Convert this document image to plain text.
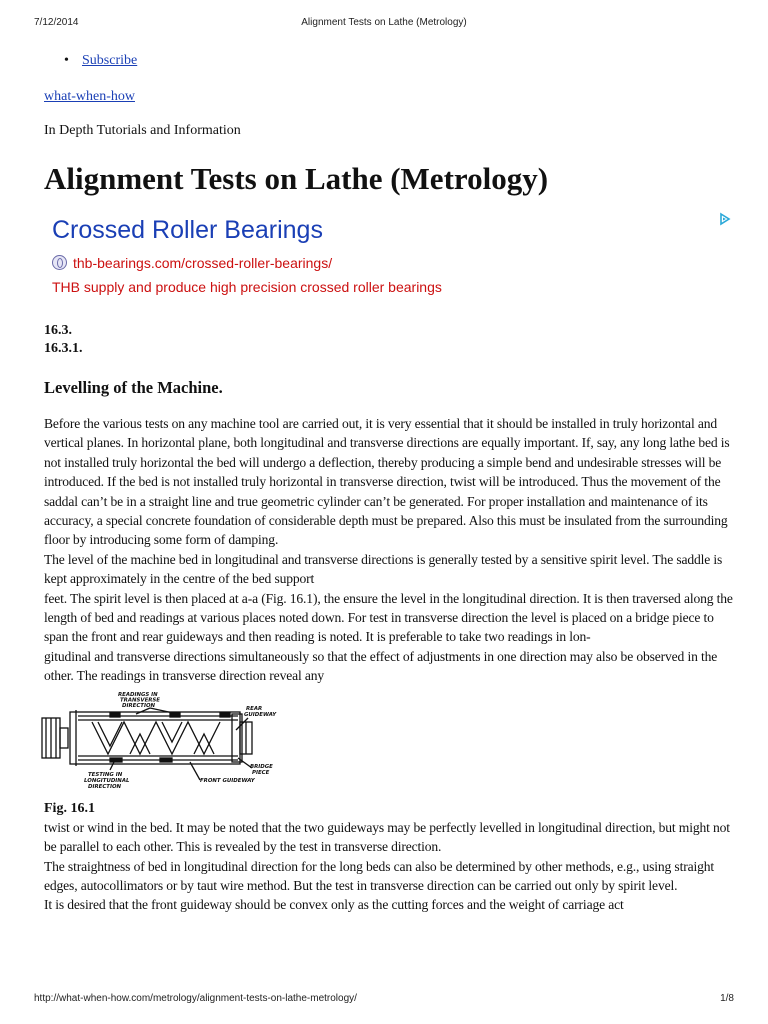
7/12/2014	Alignment Tests on Lathe (Metrology)
• Subscribe
what-when-how
In Depth Tutorials and Information
Alignment Tests on Lathe (Metrology)
Crossed Roller Bearings
thb-bearings.com/crossed-roller-bearings/
THB supply and produce high precision crossed roller bearings
16.3.
16.3.1.
Levelling of the Machine.

Before the various tests on any machine tool are carried out, it is very essential that it should be installed in truly horizontal and vertical planes. In horizontal plane, both longitudinal and transverse directions are equally important. If, say, any long lathe bed is not installed truly horizontal the bed will undergo a deflection, thereby producing a simple bend and undesirable stresses will be introduced. If the bed is not installed truly horizontal in transverse direction, twist will be introduced. Thus the movement of the saddal can’t be in a straight line and true geometric cylinder can’t be generated. For proper installation and maintenance of its accuracy, a special concrete foundation of considerable depth must be prepared. Also this must be insulated from the surrounding floor by introducing some form of damping.

The level of the machine bed in longitudinal and transverse directions is generally tested by a sensitive spirit level. The saddle is kept approximately in the centre of the bed support

feet. The spirit level is then placed at a-a (Fig. 16.1), the ensure the level in the longitudinal direction. It is then traversed along the length of bed and readings at various places noted down. For test in transverse direction the level is placed on a bridge piece to span the front and rear guideways and then reading is noted. It is preferable to take two readings in lon-

gitudinal and transverse directions simultaneously so that the effect of adjustments in one direction may also be observed in the other. The readings in transverse direction reveal any

READINGS IN
TRANSVERSE
DIRECTION	REAR
GUIDEWAY
BRIDGE
PIECE
TESTING IN
LONGITUDINAL
DIRECTION
FRONT GUIDEWAY
Fig. 16.1

twist or wind in the bed. It may be noted that the two guideways may be perfectly levelled in longitudinal direction, but might not be parallel to each other. This is revealed by the test in transverse direction.

The straightness of bed in longitudinal direction for the long beds can also be determined by other methods, e.g., using straight edges, autocollimators or by taut wire method. But the test in transverse direction can be carried out only by spirit level.

It is desired that the front guideway should be convex only as the cutting forces and the weight of carriage act

http://what-when-how.com/metrology/alignment-tests-on-lathe-metrology/	1/8
